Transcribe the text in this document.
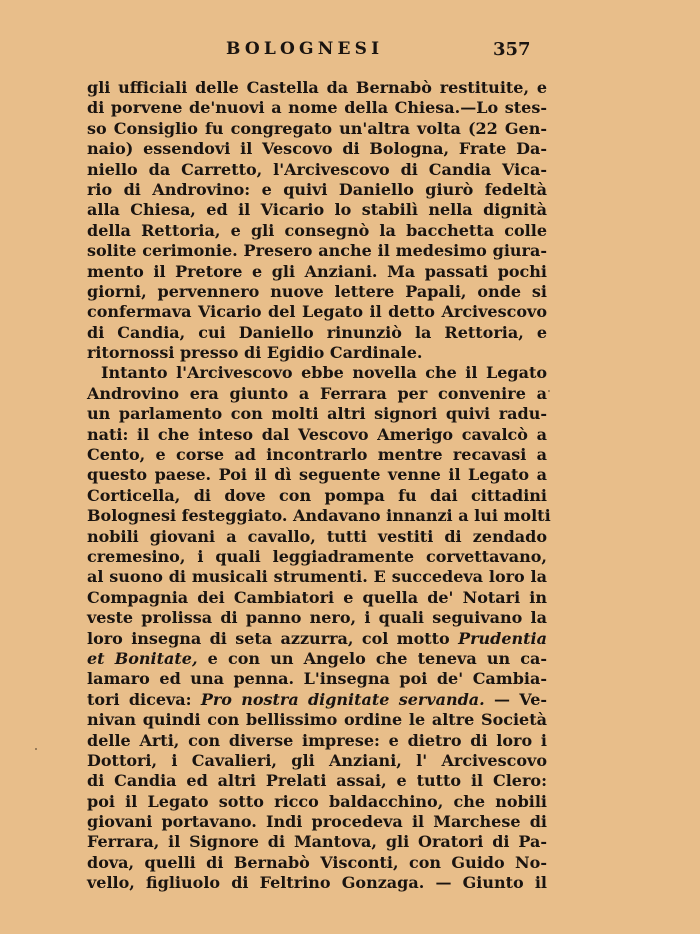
BOLOGNESI	357
gli ufficiali delle Castella da Bernabò restituite, e
di porvene de'nuovi a nome della Chiesa.—Lo stes-
so Consiglio fu congregato un'altra volta (22 Gen-
naio) essendovi il Vescovo di Bologna, Frate Da-
niello da Carretto, l'Arcivescovo di Candia Vica-
rio di Androvino: e quivi Daniello giurò fedeltà
alla Chiesa, ed il Vicario lo stabilì nella dignità
della Rettoria, e gli consegnò la bacchetta colle
solite cerimonie. Presero anche il medesimo giura-
mento il Pretore e gli Anziani. Ma passati pochi
giorni, pervennero nuove lettere Papali, onde si
confermava Vicario del Legato il detto Arcivescovo
di Candia, cui Daniello rinunziò la Rettoria, e
ritornossi presso di Egidio Cardinale.
Intanto l'Arcivescovo ebbe novella che il Legato
Androvino era giunto a Ferrara per convenire a
un parlamento con molti altri signori quivi radu-
nati: il che inteso dal Vescovo Amerigo cavalcò a
Cento, e corse ad incontrarlo mentre recavasi a
questo paese. Poi il dì seguente venne il Legato a
Corticella, di dove con pompa fu dai cittadini
Bolognesi festeggiato. Andavano innanzi a lui molti
nobili giovani a cavallo, tutti vestiti di zendado
cremesino, i quali leggiadramente corvettavano,
al suono di musicali strumenti. E succedeva loro la
Compagnia dei Cambiatori e quella de' Notari in
veste prolissa di panno nero, i quali seguivano la
loro insegna di seta azzurra, col motto Prudentia
et Bonitate, e con un Angelo che teneva un ca-
lamaro ed una penna. L'insegna poi de' Cambia-
tori diceva: Pro nostra dignitate servanda. — Ve-
nivan quindi con bellissimo ordine le altre Società
delle Arti, con diverse imprese: e dietro di loro i
Dottori, i Cavalieri, gli Anziani, l' Arcivescovo
di Candia ed altri Prelati assai, e tutto il Clero:
poi il Legato sotto ricco baldacchino, che nobili
giovani portavano. Indi procedeva il Marchese di
Ferrara, il Signore di Mantova, gli Oratori di Pa-
dova, quelli di Bernabò Visconti, con Guido No-
vello, figliuolo di Feltrino Gonzaga. — Giunto il
